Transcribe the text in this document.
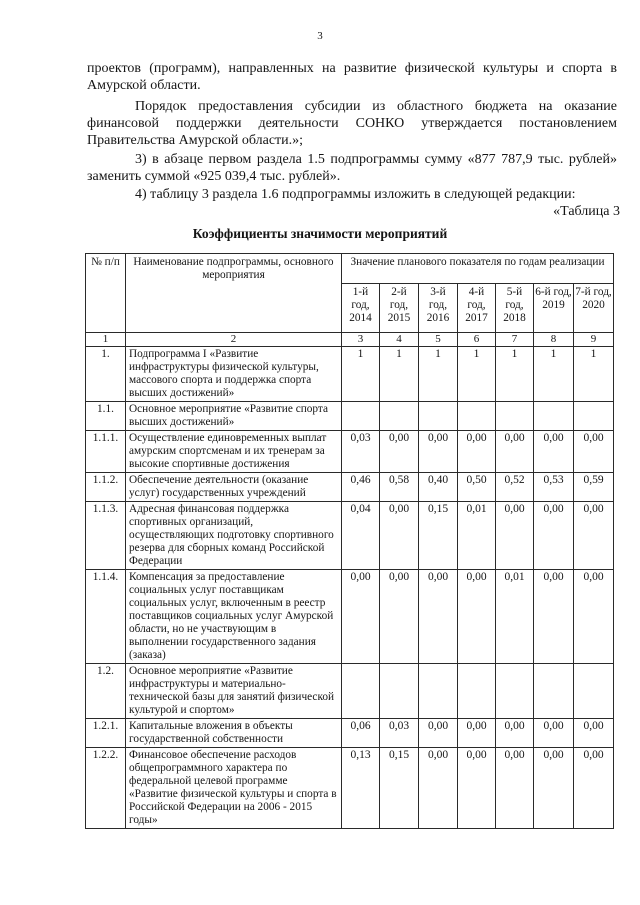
3

проектов (программ), направленных на развитие физической культуры и спорта в Амурской области.

Порядок предоставления субсидии из областного бюджета на оказание финансовой поддержки деятельности СОНКО утверждается постановлением Правительства Амурской области.»;

3) в абзаце первом раздела 1.5 подпрограммы сумму «877 787,9 тыс. рублей» заменить суммой «925 039,4 тыс. рублей».

4) таблицу 3 раздела 1.6 подпрограммы изложить в следующей редакции:

«Таблица 3

Коэффициенты значимости мероприятий
№ п/п	Наименование подпрограммы, основного мероприятия	Значение планового показателя по годам реализации						
		1-й год, 2014	2-й год, 2015	3-й год, 2016	4-й год, 2017	5-й год, 2018	6-й год, 2019	7-й год, 2020
1	2	3	4	5	6	7	8	9
1.	Подпрограмма I «Развитие инфраструктуры физической культуры, массового спорта и поддержка спорта высших достижений»	1	1	1	1	1	1	1
1.1.	Основное мероприятие «Развитие спорта высших достижений»							
1.1.1.	Осуществление единовременных выплат амурским спортсменам и их тренерам за высокие спортивные достижения	0,03	0,00	0,00	0,00	0,00	0,00	0,00
1.1.2.	Обеспечение деятельности (оказание услуг) государственных учреждений	0,46	0,58	0,40	0,50	0,52	0,53	0,59
1.1.3.	Адресная финансовая поддержка спортивных организаций, осуществляющих подготовку спортивного резерва для сборных команд Российской Федерации	0,04	0,00	0,15	0,01	0,00	0,00	0,00
1.1.4.	Компенсация за предоставление социальных услуг поставщикам социальных услуг, включенным в реестр поставщиков социальных услуг Амурской области, но не участвующим в выполнении государственного задания (заказа)	0,00	0,00	0,00	0,00	0,01	0,00	0,00
1.2.	Основное мероприятие «Развитие инфраструктуры и материально-технической базы для занятий физической культурой и спортом»							
1.2.1.	Капитальные вложения в объекты государственной собственности	0,06	0,03	0,00	0,00	0,00	0,00	0,00
1.2.2.	Финансовое обеспечение расходов общепрограммного характера по федеральной целевой программе «Развитие физической культуры и спорта в Российской Федерации на 2006 - 2015 годы»	0,13	0,15	0,00	0,00	0,00	0,00	0,00
